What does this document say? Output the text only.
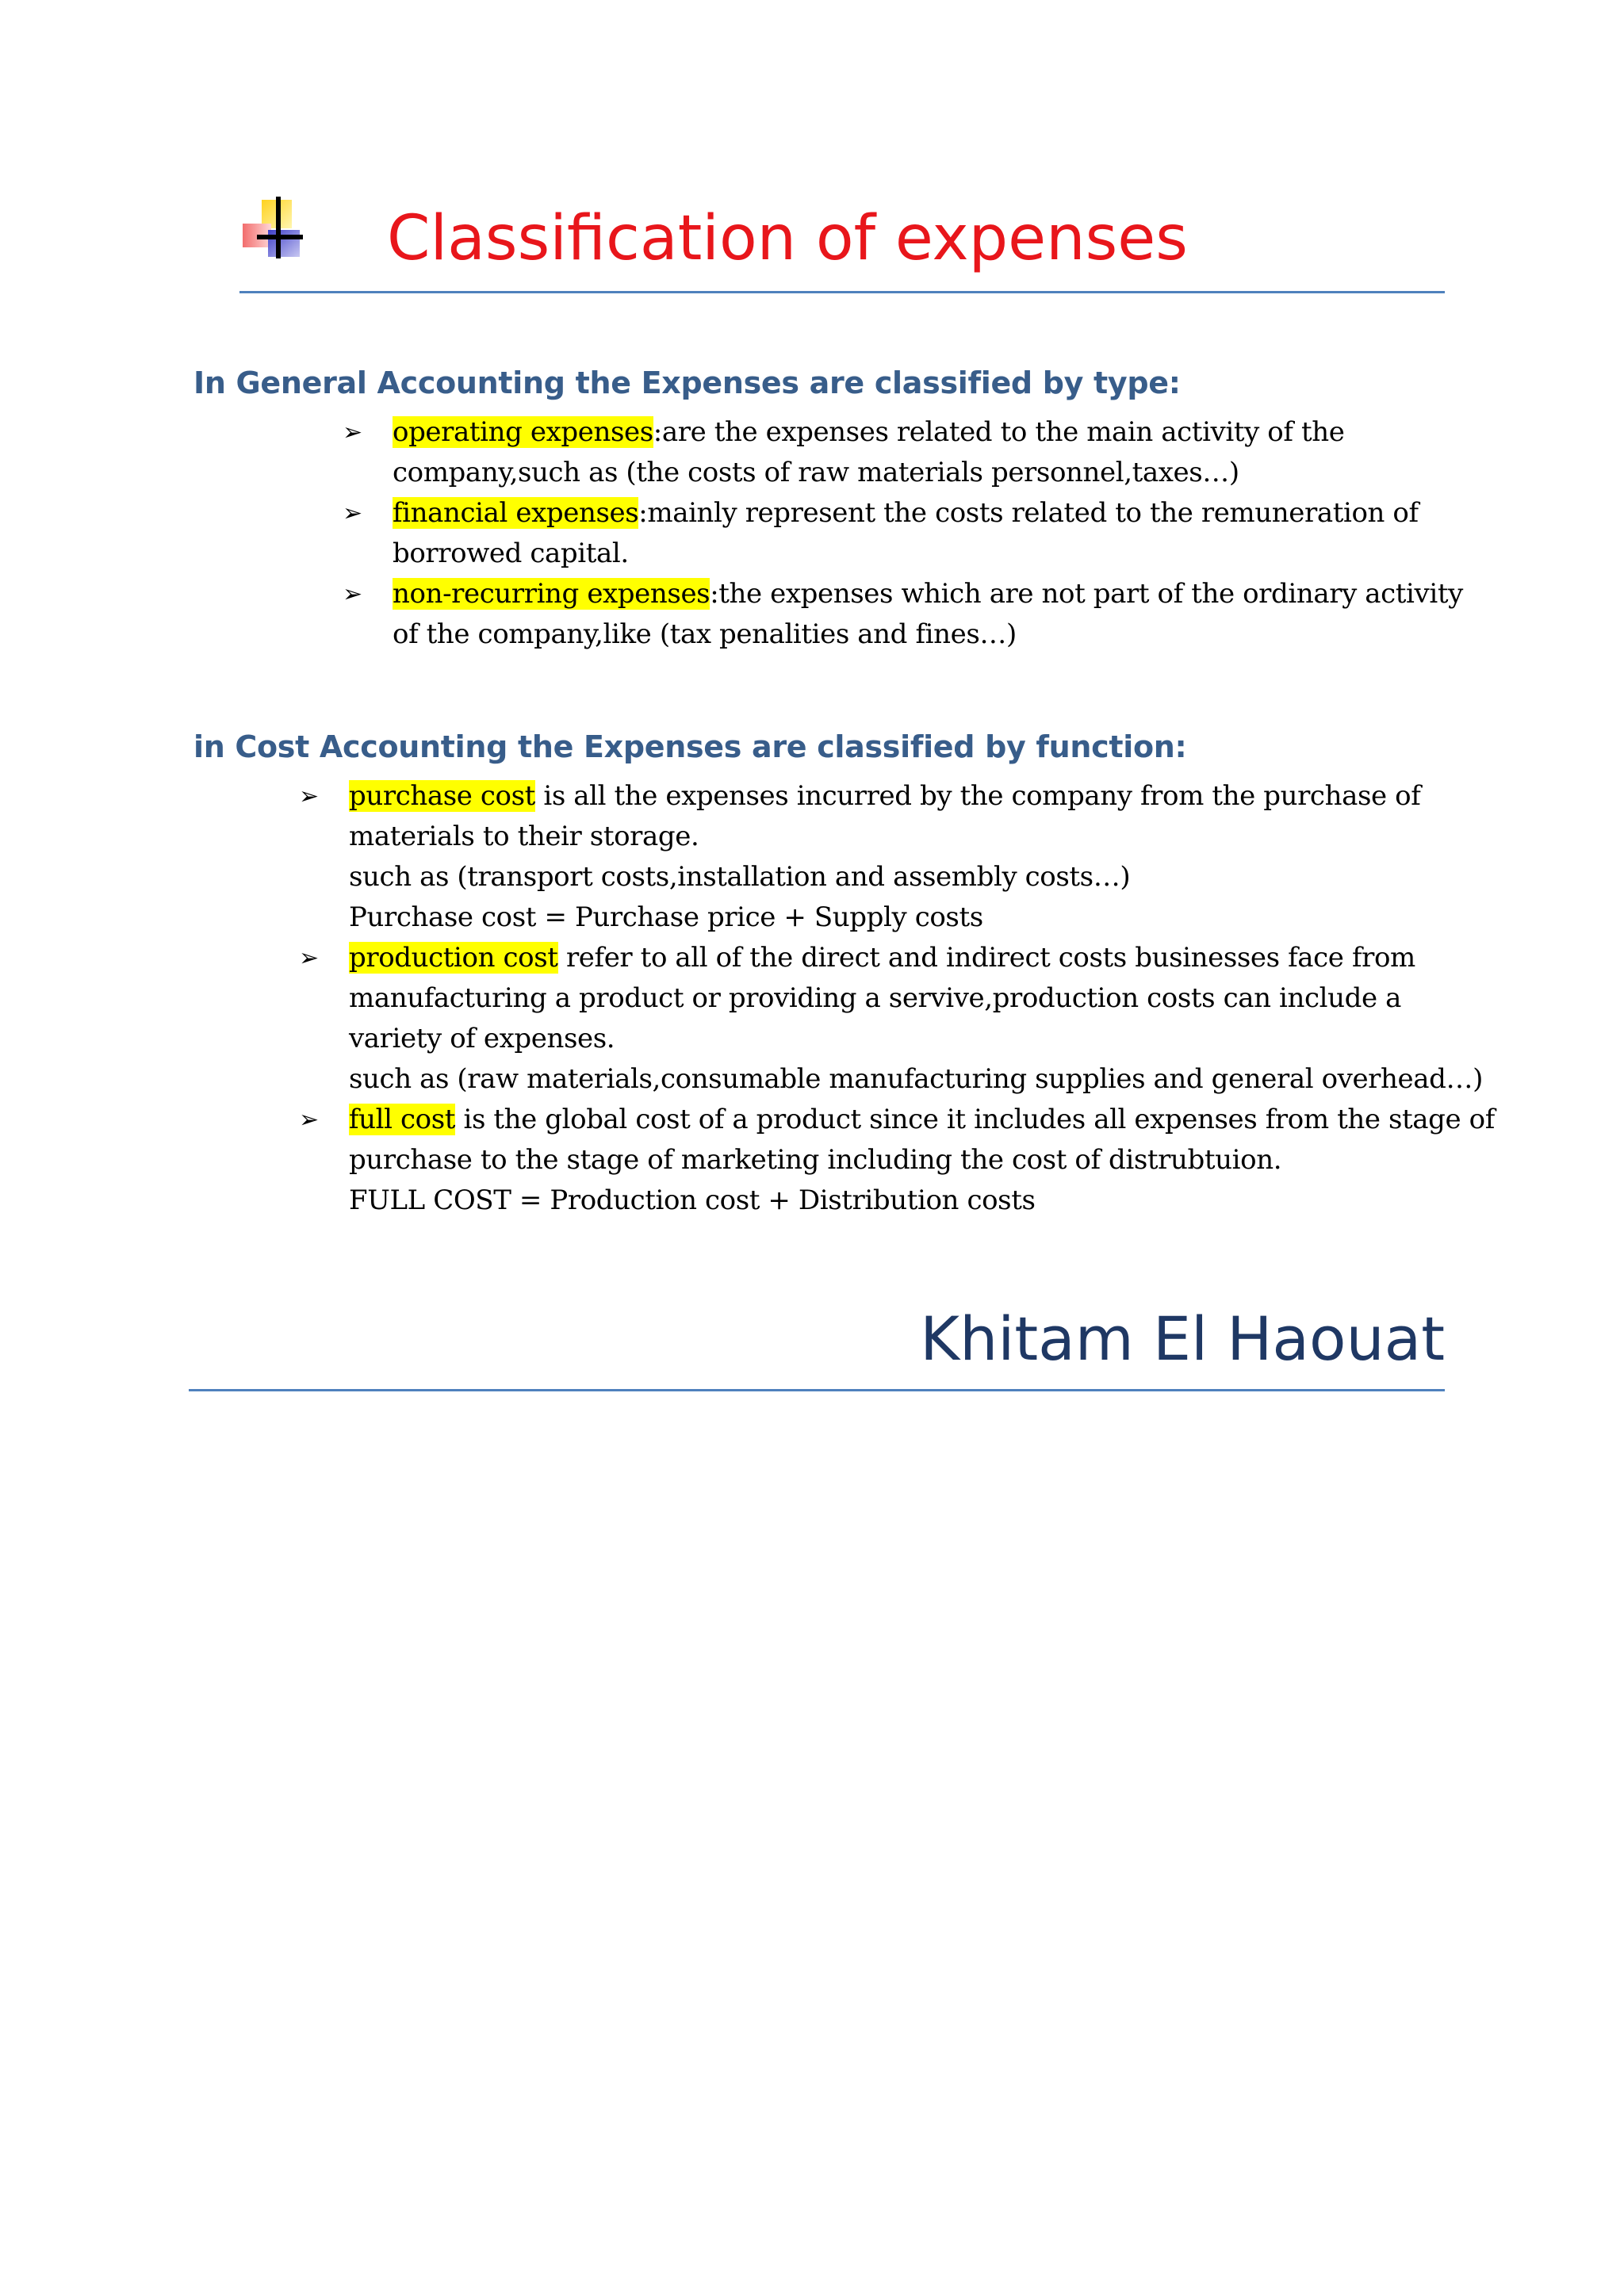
Classification of expenses
In General Accounting the Expenses are classified by type:
➢ operating expenses:are the expenses related to the main activity of the
company,such as (the costs of raw materials personnel,taxes…)
➢ financial expenses:mainly represent the costs related to the remuneration of
borrowed capital.
➢ non-recurring expenses:the expenses which are not part of the ordinary activity
of the company,like (tax penalities and fines…)
in Cost Accounting the Expenses are classified by function:
➢ purchase cost is all the expenses incurred by the company from the purchase of
materials to their storage.
such as (transport costs,installation and assembly costs…)
Purchase cost = Purchase price + Supply costs
➢ production cost refer to all of the direct and indirect costs businesses face from
manufacturing a product or providing a servive,production costs can include a
variety of expenses.
such as (raw materials,consumable manufacturing supplies and general overhead…)
➢ full cost is the global cost of a product since it includes all expenses from the stage of
purchase to the stage of marketing including the cost of distrubtuion.
FULL COST = Production cost + Distribution costs

Khitam El Haouat
